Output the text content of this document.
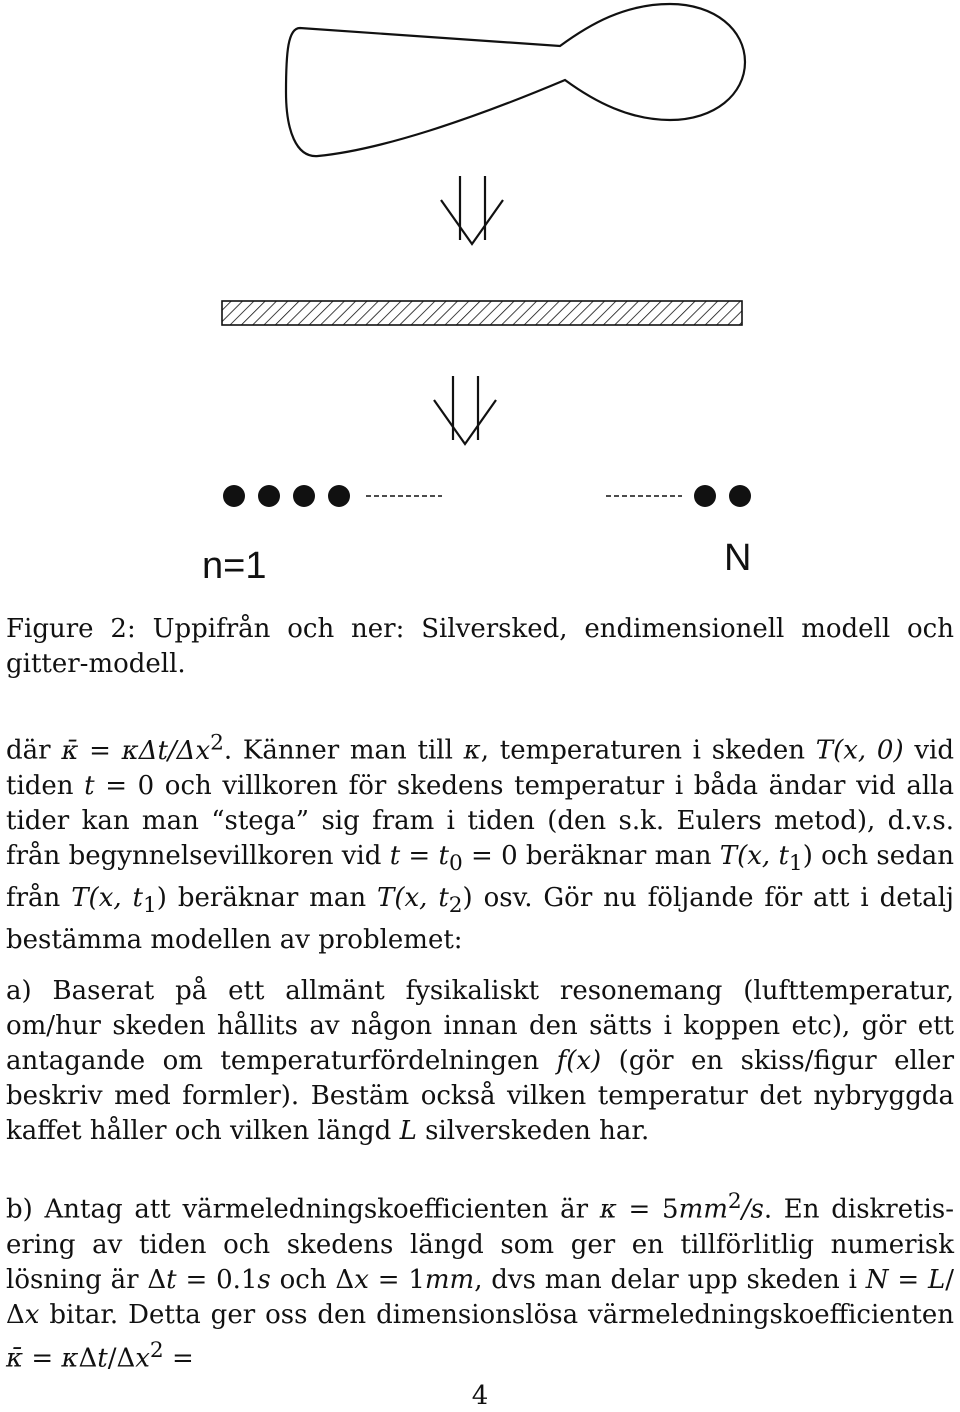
n=1	N
Figure 2: Uppifrån och ner: Silversked, endimensionell modell och gitter-modell.
där κ̄ = κΔt/$\Delta x^2$. Känner man till κ, temperaturen i skeden T(x, 0) vid tiden t = 0 och villkoren för skedens temperatur i båda ändar vid alla tider kan man “stega” sig fram i tiden (den s.k. Eulers metod), d.v.s. från begynnelsevillkoren vid $t = t_0 = 0$ beräknar man T(x, $t_1$) och sedan från T(x, $t_1$) beräknar man T(x, $t_2$) osv. Gör nu följande för att i detalj bestämma modellen av problemet:
a) Baserat på ett allmänt fysikaliskt resonemang (lufttemperatur, om/hur skeden hållits av någon innan den sätts i koppen etc), gör ett antagande om temperaturfördelningen f(x) (gör en skiss/figur eller beskriv med formler). Bestäm också vilken temperatur det nybryggda kaffet håller och vilken längd L silverskeden har.
b) Antag att värmeledningskoefficienten är $\kappa = 5mm^2/s$. En diskretisering av tiden och skedens längd som ger en tillförlitlig numerisk lösning är Δt = 0.1s och Δx = 1mm, dvs man delar upp skeden i N = L/Δx bitar. Detta ger oss den dimensionslösa värmeledningskoefficienten κ̄ = κΔt/$\Delta x^2$ =
4
